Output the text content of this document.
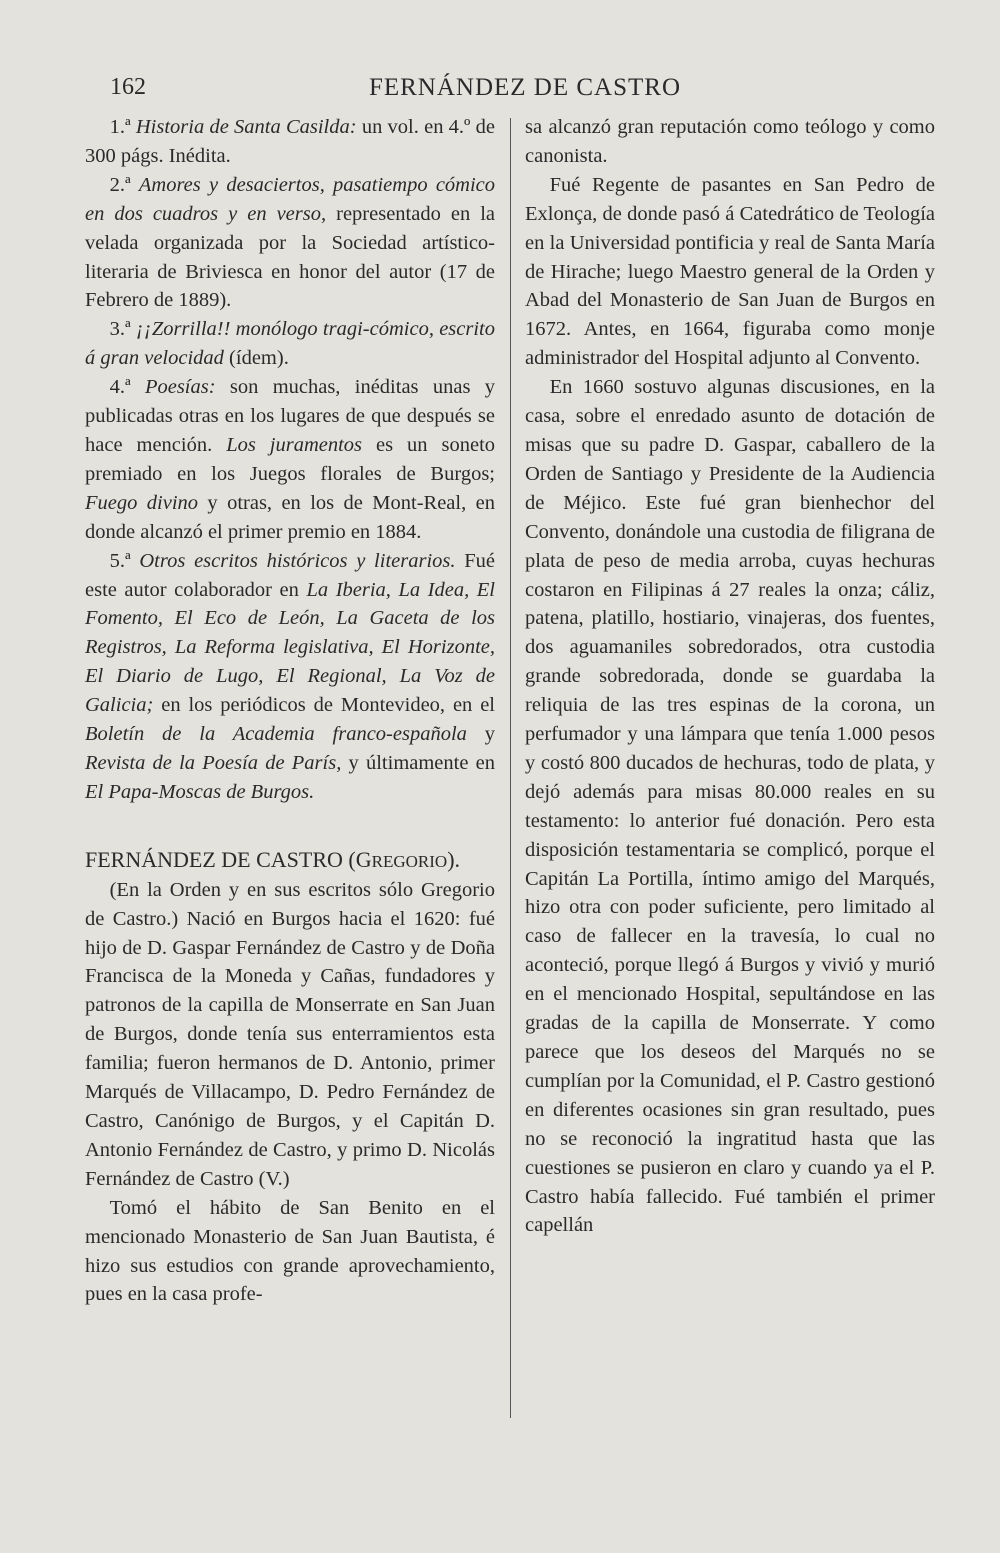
162	FERNÁNDEZ DE CASTRO

1.ª Historia de Santa Casilda: un vol. en 4.º de 300 págs. Inédita.

2.ª Amores y desaciertos, pasatiempo cómico en dos cuadros y en verso, representado en la velada organizada por la Sociedad artístico-literaria de Briviesca en honor del autor (17 de Febrero de 1889).

3.ª ¡¡Zorrilla!! monólogo tragi-cómico, escrito á gran velocidad (ídem).

4.ª Poesías: son muchas, inéditas unas y publicadas otras en los lugares de que después se hace mención. Los juramentos es un soneto premiado en los Juegos florales de Burgos; Fuego divino y otras, en los de Mont-Real, en donde alcanzó el primer premio en 1884.

5.ª Otros escritos históricos y literarios. Fué este autor colaborador en La Iberia, La Idea, El Fomento, El Eco de León, La Gaceta de los Registros, La Reforma legislativa, El Horizonte, El Diario de Lugo, El Regional, La Voz de Galicia; en los periódicos de Montevideo, en el Boletín de la Academia franco-española y Revista de la Poesía de París, y últimamente en El Papa-Moscas de Burgos.

FERNÁNDEZ DE CASTRO (GREGORIO).

(En la Orden y en sus escritos sólo Gregorio de Castro.) Nació en Burgos hacia el 1620: fué hijo de D. Gaspar Fernández de Castro y de Doña Francisca de la Moneda y Cañas, fundadores y patronos de la capilla de Monserrate en San Juan de Burgos, donde tenía sus enterramientos esta familia; fueron hermanos de D. Antonio, primer Marqués de Villacampo, D. Pedro Fernández de Castro, Canónigo de Burgos, y el Capitán D. Antonio Fernández de Castro, y primo D. Nicolás Fernández de Castro (V.)

Tomó el hábito de San Benito en el mencionado Monasterio de San Juan Bautista, é hizo sus estudios con grande aprovechamiento, pues en la casa profe-

sa alcanzó gran reputación como teólogo y como canonista.

Fué Regente de pasantes en San Pedro de Exlonça, de donde pasó á Catedrático de Teología en la Universidad pontificia y real de Santa María de Hirache; luego Maestro general de la Orden y Abad del Monasterio de San Juan de Burgos en 1672. Antes, en 1664, figuraba como monje administrador del Hospital adjunto al Convento.

En 1660 sostuvo algunas discusiones, en la casa, sobre el enredado asunto de dotación de misas que su padre D. Gaspar, caballero de la Orden de Santiago y Presidente de la Audiencia de Méjico. Este fué gran bienhechor del Convento, donándole una custodia de filigrana de plata de peso de media arroba, cuyas hechuras costaron en Filipinas á 27 reales la onza; cáliz, patena, platillo, hostiario, vinajeras, dos fuentes, dos aguamaniles sobredorados, otra custodia grande sobredorada, donde se guardaba la reliquia de las tres espinas de la corona, un perfumador y una lámpara que tenía 1.000 pesos y costó 800 ducados de hechuras, todo de plata, y dejó además para misas 80.000 reales en su testamento: lo anterior fué donación. Pero esta disposición testamentaria se complicó, porque el Capitán La Portilla, íntimo amigo del Marqués, hizo otra con poder suficiente, pero limitado al caso de fallecer en la travesía, lo cual no aconteció, porque llegó á Burgos y vivió y murió en el mencionado Hospital, sepultándose en las gradas de la capilla de Monserrate. Y como parece que los deseos del Marqués no se cumplían por la Comunidad, el P. Castro gestionó en diferentes ocasiones sin gran resultado, pues no se reconoció la ingratitud hasta que las cuestiones se pusieron en claro y cuando ya el P. Castro había fallecido. Fué también el primer capellán
